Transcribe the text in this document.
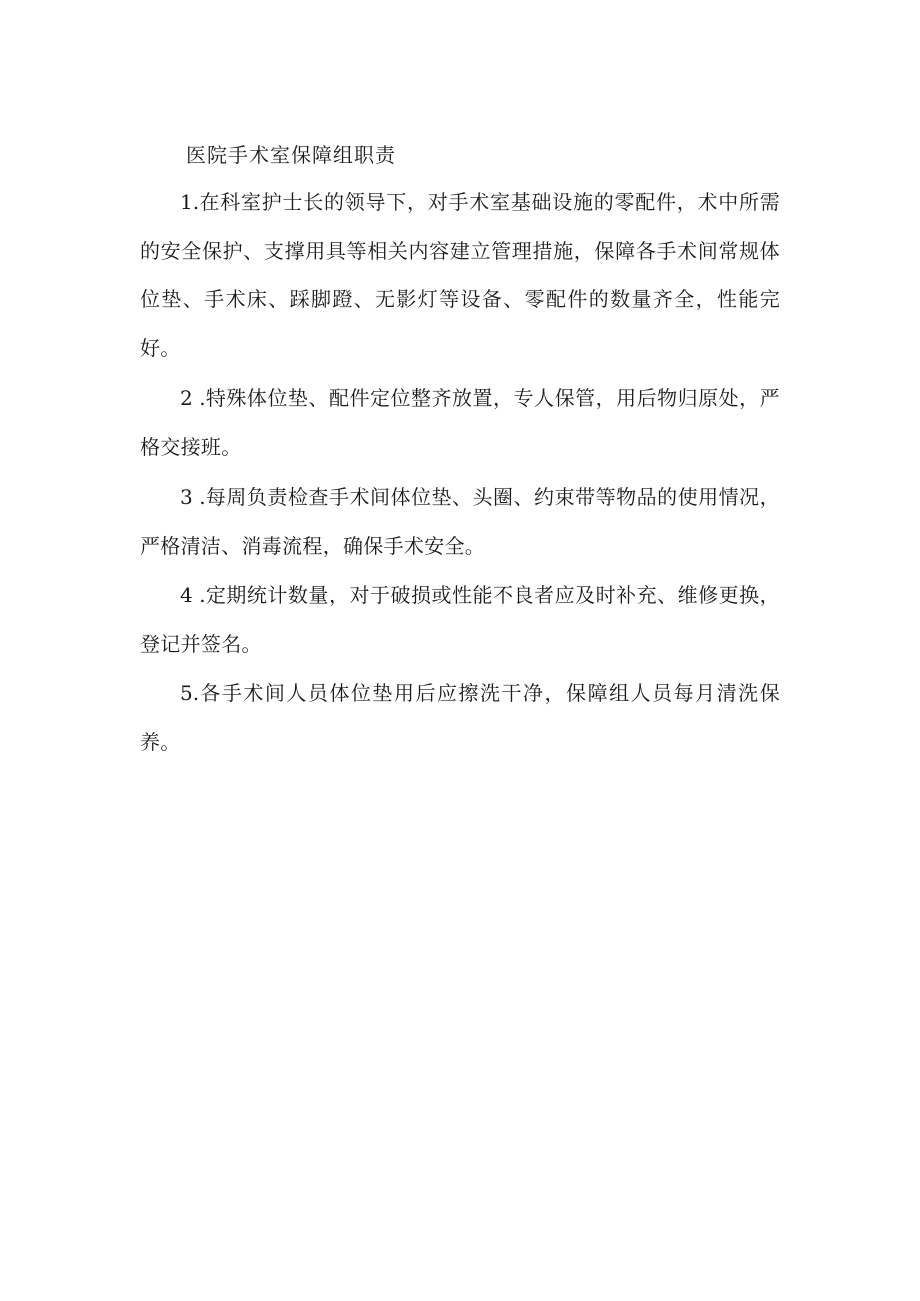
医院手术室保障组职责

1.在科室护士长的领导下，对手术室基础设施的零配件，术中所需的安全保护、支撑用具等相关内容建立管理措施，保障各手术间常规体位垫、手术床、踩脚蹬、无影灯等设备、零配件的数量齐全，性能完好。

2 .特殊体位垫、配件定位整齐放置，专人保管，用后物归原处，严格交接班。

3 .每周负责检查手术间体位垫、头圈、约束带等物品的使用情况，严格清洁、消毒流程，确保手术安全。

4 .定期统计数量，对于破损或性能不良者应及时补充、维修更换，登记并签名。

5.各手术间人员体位垫用后应擦洗干净，保障组人员每月清洗保养。
